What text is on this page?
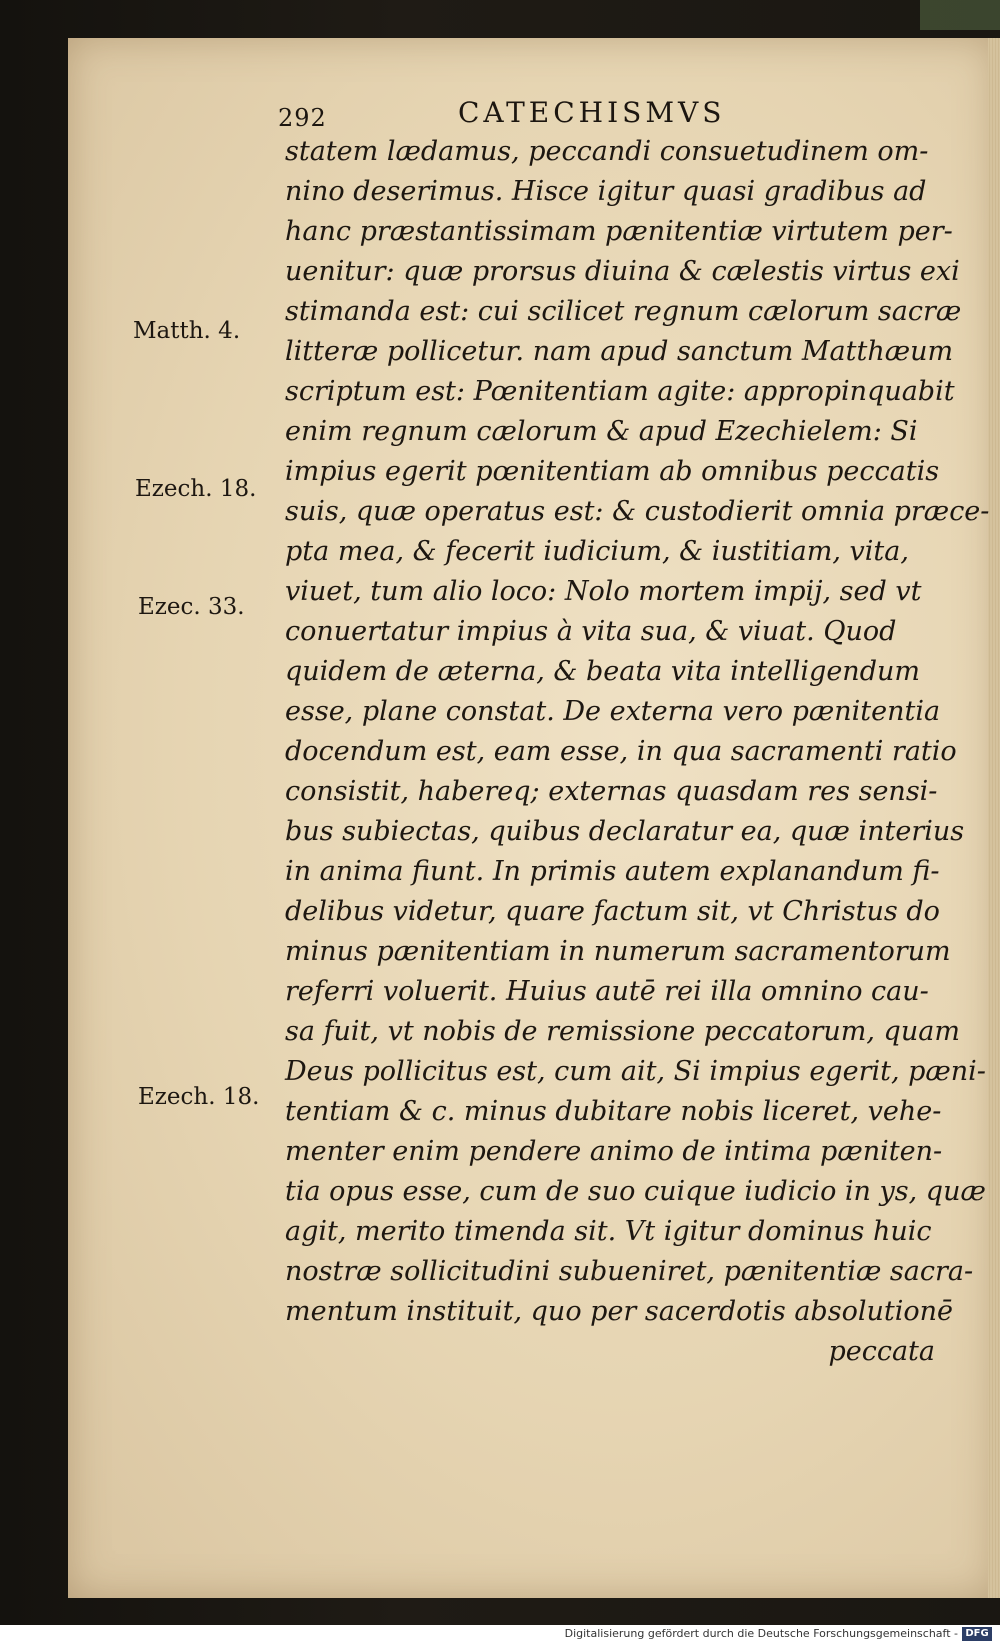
292	CATECHISMVS
statem lædamus, peccandi consuetudinem om-
nino deserimus. Hisce igitur quasi gradibus ad
hanc præstantissimam pænitentiæ virtutem per-
uenitur: quæ prorsus diuina & cælestis virtus exi
stimanda est: cui scilicet regnum cælorum sacræ
litteræ pollicetur. nam apud sanctum Matthæum
scriptum est: Pœnitentiam agite: appropinquabit
enim regnum cælorum & apud Ezechielem: Si
impius egerit pœnitentiam ab omnibus peccatis
suis, quæ operatus est: & custodierit omnia præce-
pta mea, & fecerit iudicium, & iustitiam, vita,
viuet, tum alio loco: Nolo mortem impij, sed vt
conuertatur impius à vita sua, & viuat. Quod
quidem de æterna, & beata vita intelligendum
esse, plane constat. De externa vero pænitentia
docendum est, eam esse, in qua sacramenti ratio
consistit, habereq; externas quasdam res sensi-
bus subiectas, quibus declaratur ea, quæ interius
in anima fiunt. In primis autem explanandum fi-
delibus videtur, quare factum sit, vt Christus do
minus pænitentiam in numerum sacramentorum
referri voluerit. Huius autē rei illa omnino cau-
sa fuit, vt nobis de remissione peccatorum, quam
Deus pollicitus est, cum ait, Si impius egerit, pæni-
tentiam & c. minus dubitare nobis liceret, vehe-
menter enim pendere animo de intima pæniten-
tia opus esse, cum de suo cuique iudicio in ys, quæ
agit, merito timenda sit. Vt igitur dominus huic
nostræ sollicitudini subueniret, pænitentiæ sacra-
mentum instituit, quo per sacerdotis absolutionē
peccata
Matth. 4.
Ezech. 18.
Ezec. 33.
Ezech. 18.
Digitalisierung gefördert durch die Deutsche Forschungsgemeinschaft - DFG
